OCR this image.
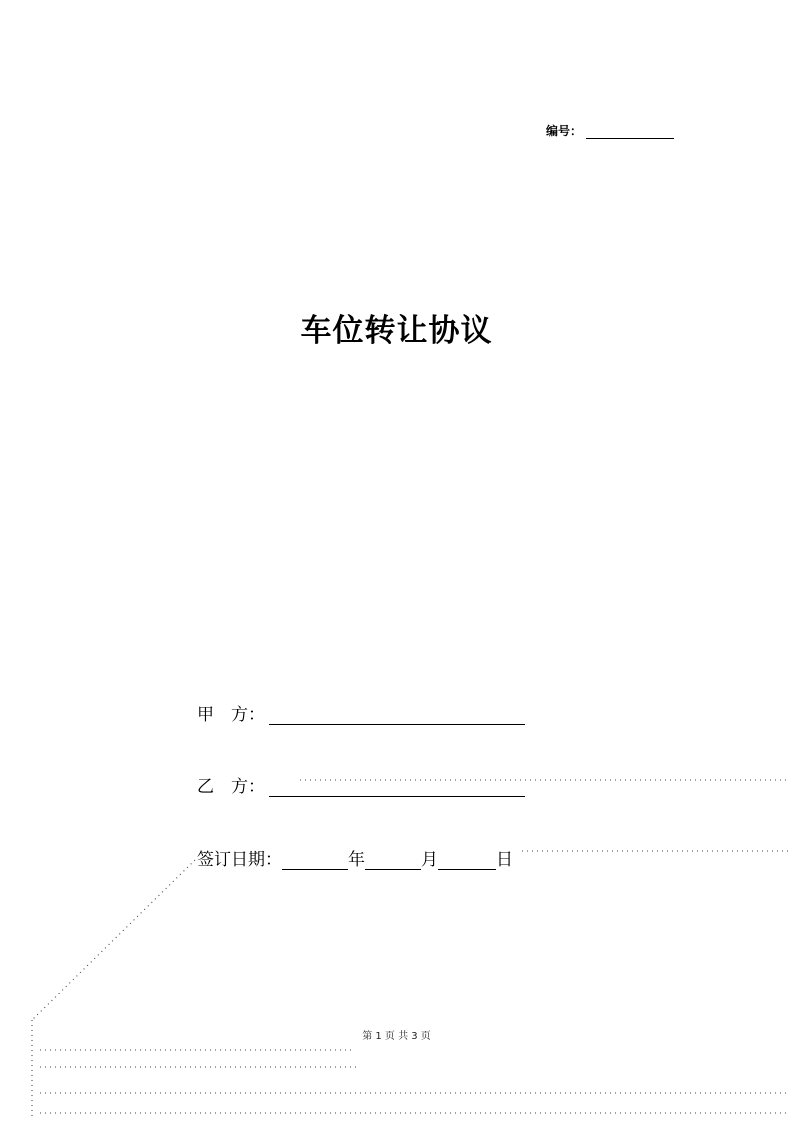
编号：
车位转让协议
甲　方：
乙　方：
签订日期：	年	月	日
第 1 页 共 3 页
